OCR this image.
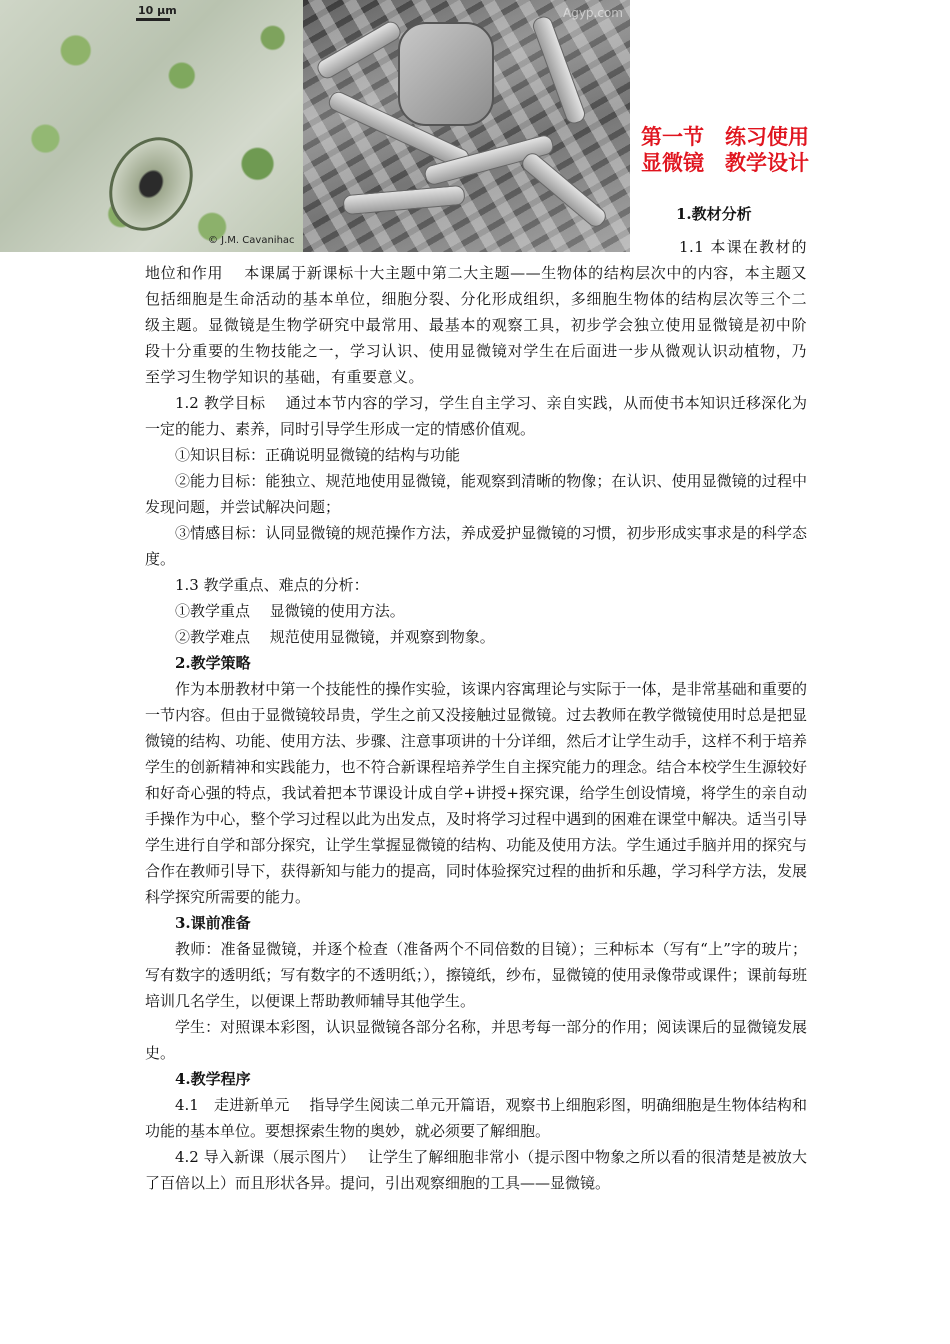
10 µm
© J.M. Cavanihac
Agyp.com
第一节　练习使用显微镜　教学设计
1.教材分析

1.1 本课在教材的地位和作用　 本课属于新课标十大主题中第二大主题——生物体的结构层次中的内容，本主题又包括细胞是生命活动的基本单位，细胞分裂、分化形成组织，多细胞生物体的结构层次等三个二级主题。显微镜是生物学研究中最常用、最基本的观察工具，初步学会独立使用显微镜是初中阶段十分重要的生物技能之一，学习认识、使用显微镜对学生在后面进一步从微观认识动植物，乃至学习生物学知识的基础，有重要意义。

1.2 教学目标　 通过本节内容的学习，学生自主学习、亲自实践，从而使书本知识迁移深化为一定的能力、素养，同时引导学生形成一定的情感价值观。

①知识目标：正确说明显微镜的结构与功能

②能力目标：能独立、规范地使用显微镜，能观察到清晰的物像；在认识、使用显微镜的过程中发现问题，并尝试解决问题；

③情感目标：认同显微镜的规范操作方法，养成爱护显微镜的习惯，初步形成实事求是的科学态度。

1.3 教学重点、难点的分析：

①教学重点　 显微镜的使用方法。

②教学难点　 规范使用显微镜，并观察到物象。

2.教学策略

作为本册教材中第一个技能性的操作实验，该课内容寓理论与实际于一体，是非常基础和重要的一节内容。但由于显微镜较昂贵，学生之前又没接触过显微镜。过去教师在教学微镜使用时总是把显微镜的结构、功能、使用方法、步骤、注意事项讲的十分详细，然后才让学生动手，这样不利于培养学生的创新精神和实践能力，也不符合新课程培养学生自主探究能力的理念。结合本校学生生源较好和好奇心强的特点，我试着把本节课设计成自学+讲授+探究课，给学生创设情境，将学生的亲自动手操作为中心，整个学习过程以此为出发点，及时将学习过程中遇到的困难在课堂中解决。适当引导学生进行自学和部分探究，让学生掌握显微镜的结构、功能及使用方法。学生通过手脑并用的探究与合作在教师引导下，获得新知与能力的提高，同时体验探究过程的曲折和乐趣，学习科学方法，发展科学探究所需要的能力。

3.课前准备

教师：准备显微镜，并逐个检查（准备两个不同倍数的目镜）；三种标本（写有“上”字的玻片；写有数字的透明纸；写有数字的不透明纸；），擦镜纸，纱布，显微镜的使用录像带或课件；课前每班培训几名学生，以便课上帮助教师辅导其他学生。

学生：对照课本彩图，认识显微镜各部分名称，并思考每一部分的作用；阅读课后的显微镜发展史。

4.教学程序

4.1　走进新单元　 指导学生阅读二单元开篇语，观察书上细胞彩图，明确细胞是生物体结构和功能的基本单位。要想探索生物的奥妙，就必须要了解细胞。

4.2 导入新课（展示图片）　 让学生了解细胞非常小（提示图中物象之所以看的很清楚是被放大了百倍以上）而且形状各异。提问，引出观察细胞的工具——显微镜。
